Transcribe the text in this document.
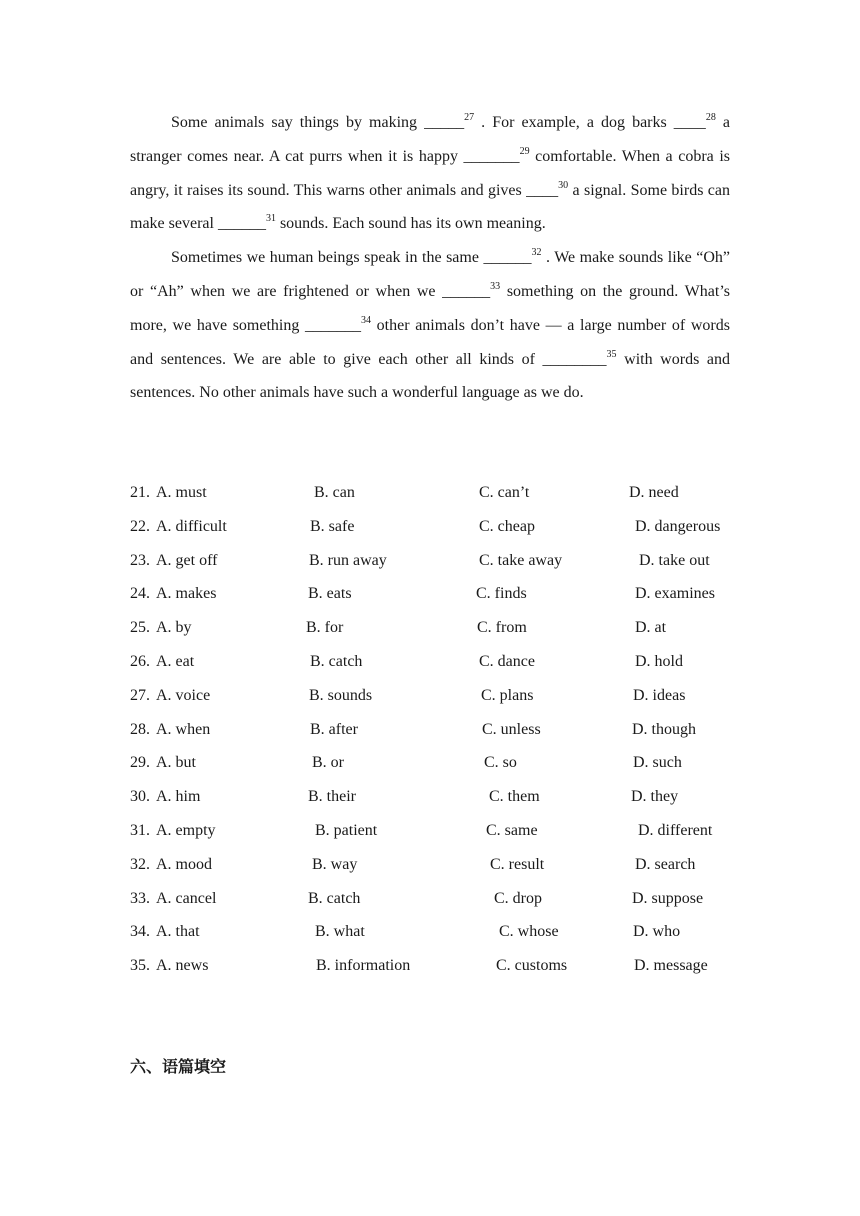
Some animals say things by making _____$^{27}$ . For example, a dog barks ____$^{28}$ a stranger comes near. A cat purrs when it is happy _______$^{29}$ comfortable. When a cobra is angry, it raises its sound. This warns other animals and gives ____$^{30}$ a signal. Some birds can make several ______$^{31}$ sounds. Each sound has its own meaning.

Sometimes we human beings speak in the same ______$^{32}$ . We make sounds like “Oh” or “Ah” when we are frightened or when we ______$^{33}$ something on the ground. What’s more, we have something _______$^{34}$ other animals don’t have — a large number of words and sentences. We are able to give each other all kinds of ________$^{35}$ with words and sentences. No other animals have such a wonderful language as we do.

21. A. must	B. can	C. can’t	D. need
22. A. difficult	B. safe	C. cheap	D. dangerous
23. A. get off	B. run away	C. take away	D. take out
24. A. makes	B. eats	C. finds	D. examines
25. A. by	B. for	C. from	D. at
26. A. eat	B. catch	C. dance	D. hold
27. A. voice	B. sounds	C. plans	D. ideas
28. A. when	B. after	C. unless	D. though
29. A. but	B. or	C. so	D. such
30. A. him	B. their	C. them	D. they
31. A. empty	B. patient	C. same	D. different
32. A. mood	B. way	C. result	D. search
33. A. cancel	B. catch	C. drop	D. suppose
34. A. that	B. what	C. whose	D. who
35. A. news	B. information	C. customs	D. message
六、语篇填空
